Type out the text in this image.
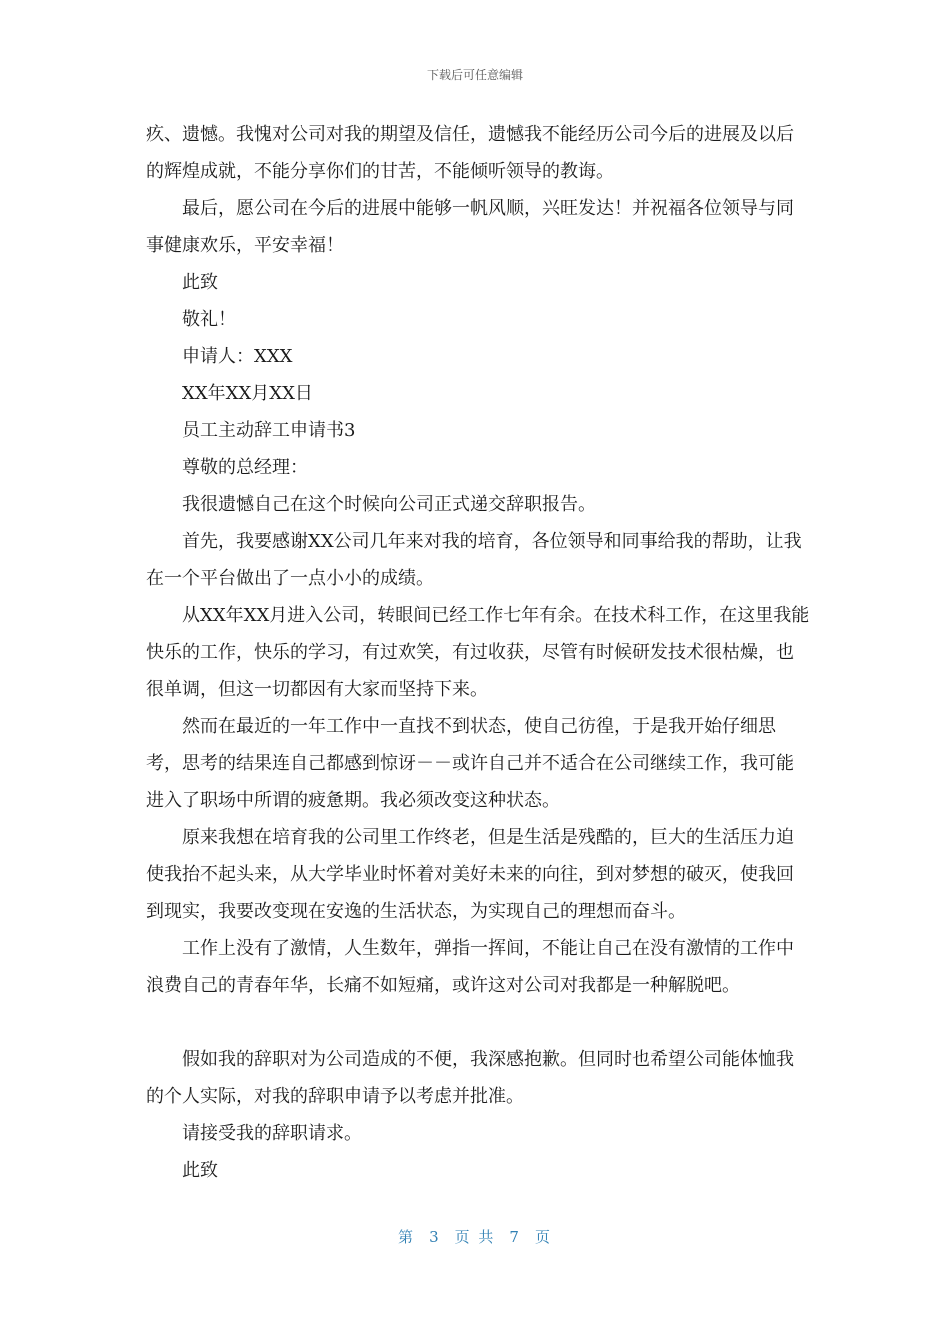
下载后可任意编辑

疚、遗憾。我愧对公司对我的期望及信任，遗憾我不能经历公司今后的进展及以后的辉煌成就，不能分享你们的甘苦，不能倾听领导的教诲。

最后，愿公司在今后的进展中能够一帆风顺，兴旺发达！并祝福各位领导与同事健康欢乐，平安幸福！

此致

敬礼！

申请人：XXX

XX年XX月XX日

员工主动辞工申请书3

尊敬的总经理：

我很遗憾自己在这个时候向公司正式递交辞职报告。

首先，我要感谢XX公司几年来对我的培育，各位领导和同事给我的帮助，让我在一个平台做出了一点小小的成绩。

从XX年XX月进入公司，转眼间已经工作七年有余。在技术科工作，在这里我能快乐的工作，快乐的学习，有过欢笑，有过收获，尽管有时候研发技术很枯燥，也很单调，但这一切都因有大家而坚持下来。

然而在最近的一年工作中一直找不到状态，使自己彷徨，于是我开始仔细思考，思考的结果连自己都感到惊讶－－或许自己并不适合在公司继续工作，我可能进入了职场中所谓的疲惫期。我必须改变这种状态。

原来我想在培育我的公司里工作终老，但是生活是残酷的，巨大的生活压力迫使我抬不起头来，从大学毕业时怀着对美好未来的向往，到对梦想的破灭，使我回到现实，我要改变现在安逸的生活状态，为实现自己的理想而奋斗。

工作上没有了激情，人生数年，弹指一挥间，不能让自己在没有激情的工作中浪费自己的青春年华，长痛不如短痛，或许这对公司对我都是一种解脱吧。

假如我的辞职对为公司造成的不便，我深感抱歉。但同时也希望公司能体恤我的个人实际，对我的辞职申请予以考虑并批准。

请接受我的辞职请求。

此致

第 3 页 共 7 页
